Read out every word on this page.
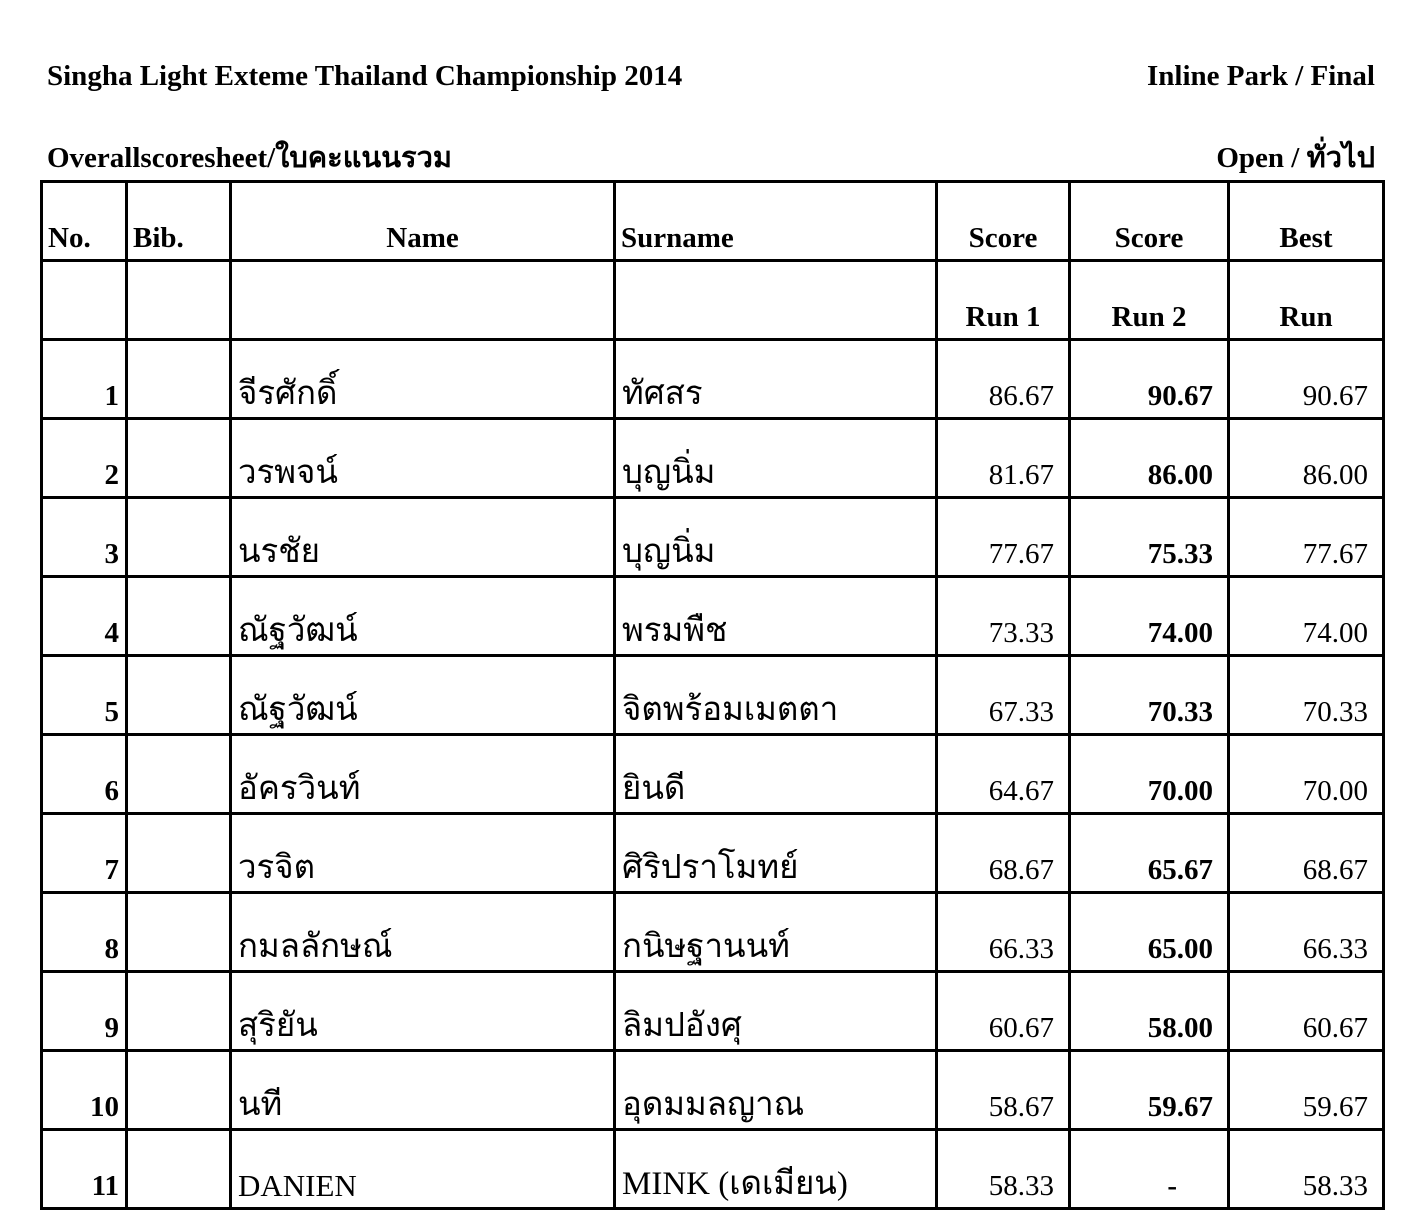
Singha Light Exteme Thailand Championship 2014	Inline Park / Final
Overallscoresheet/ใบคะแนนรวม	Open / ทั่วไป
No.	Bib.	Name	Surname	Score	Score	Best
				Run 1	Run 2	Run
1		จีรศักดิ์	ทัศสร	86.67	90.67	90.67
2		วรพจน์	บุญนิ่ม	81.67	86.00	86.00
3		นรชัย	บุญนิ่ม	77.67	75.33	77.67
4		ณัฐวัฒน์	พรมพืช	73.33	74.00	74.00
5		ณัฐวัฒน์	จิตพร้อมเมตตา	67.33	70.33	70.33
6		อัครวินท์	ยินดี	64.67	70.00	70.00
7		วรจิต	ศิริปราโมทย์	68.67	65.67	68.67
8		กมลลักษณ์	กนิษฐานนท์	66.33	65.00	66.33
9		สุริยัน	ลิมปอังศุ	60.67	58.00	60.67
10		นที	อุดมมลญาณ	58.67	59.67	59.67
11		DANIEN	MINK (เดเมียน)	58.33	-	58.33
